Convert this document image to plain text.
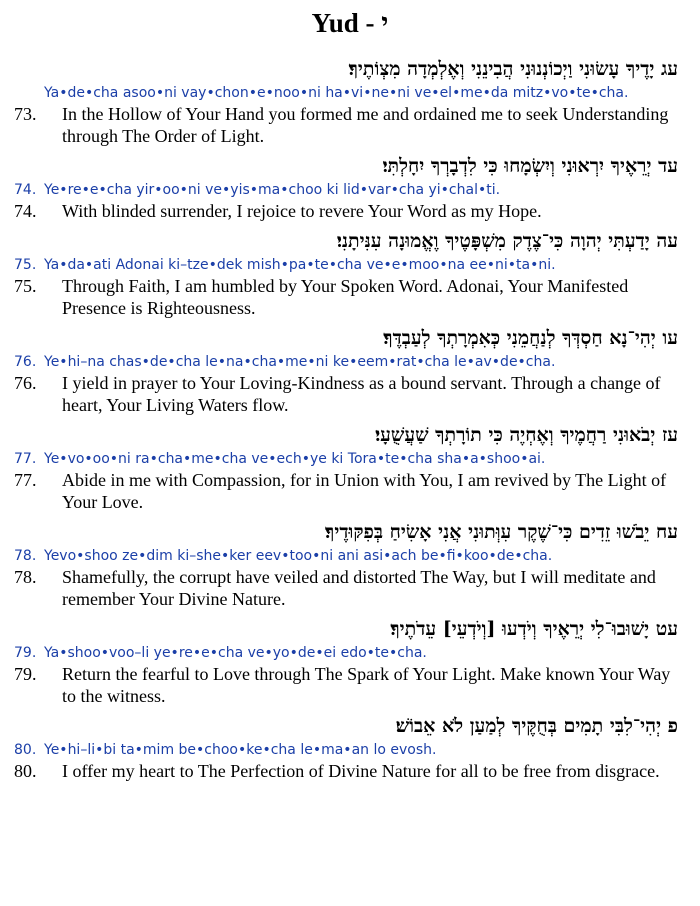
Yud - י
עג יָדֶיךָ עָשׂוּנִי וַיְכוֹנְנוּנִי הֲבִינֵנִי וְאֶלְמְדָה מִצְוֹתֶיךָ׃
Ya•de•cha asoo•ni vay•chon•e•noo•ni ha•vi•ne•ni ve•el•me•da mitz•vo•te•cha.
73. In the Hollow of Your Hand you formed me and ordained me to seek Understanding through The Order of Light.
עד יְרֵאֶיךָ יִרְאוּנִי וְיִשְׂמָחוּ כִּי לִדְבָרְךָ יִחָלְתִּי׃
74. Ye•re•e•cha yir•oo•ni ve•yis•ma•choo ki lid•var•cha yi•chal•ti.
74. With blinded surrender, I rejoice to revere Your Word as my Hope.
עה יָדַעְתִּי יְהוָה כִּי־צֶדֶק מִשְׁפָּטֶיךָ וֶאֱמוּנָה עִנִּיתָנִי׃
75. Ya•da•ati Adonai ki–tze•dek mish•pa•te•cha ve•e•moo•na ee•ni•ta•ni.
75. Through Faith, I am humbled by Your Spoken Word. Adonai, Your Manifested Presence is Righteousness.
עו יְהִי־נָא חַסְדְּךָ לְנַחֲמֵנִי כְּאִמְרָתְךָ לְעַבְדֶּךָ׃
76. Ye•hi–na chas•de•cha le•na•cha•me•ni ke•eem•rat•cha le•av•de•cha.
76. I yield in prayer to Your Loving-Kindness as a bound servant. Through a change of heart, Your Living Waters flow.
עז יְבֹאוּנִי רַחֲמֶיךָ וְאֶחְיֶה כִּי תוֹרָתְךָ שַׁעֲשֻׁעָי׃
77. Ye•vo•oo•ni ra•cha•me•cha ve•ech•ye ki Tora•te•cha sha•a•shoo•ai.
77. Abide in me with Compassion, for in Union with You, I am revived by The Light of Your Love.
עח יֵבֹשׁוּ זֵדִים כִּי־שֶׁקֶר עִוְּתוּנִי אֲנִי אָשִׂיחַ בְּפִקּוּדֶיךָ׃
78. Yevo•shoo ze•dim ki–she•ker eev•too•ni ani asi•ach be•fi•koo•de•cha.
78. Shamefully, the corrupt have veiled and distorted The Way, but I will meditate and remember Your Divine Nature.
עט יָשׁוּבוּ־לִי יְרֵאֶיךָ וְיֹדְעוּ [וְיֹדְעֵי] עֵדֹתֶיךָ׃
79. Ya•shoo•voo–li ye•re•e•cha ve•yo•de•ei edo•te•cha.
79. Return the fearful to Love through The Spark of Your Light. Make known Your Way to the witness.
פ יְהִי־לִבִּי תָמִים בְּחֻקֶּיךָ לְמַעַן לֹא אֵבוֹשׁ׃
80. Ye•hi–li•bi ta•mim be•choo•ke•cha le•ma•an lo evosh.
80. I offer my heart to The Perfection of Divine Nature for all to be free from disgrace.
